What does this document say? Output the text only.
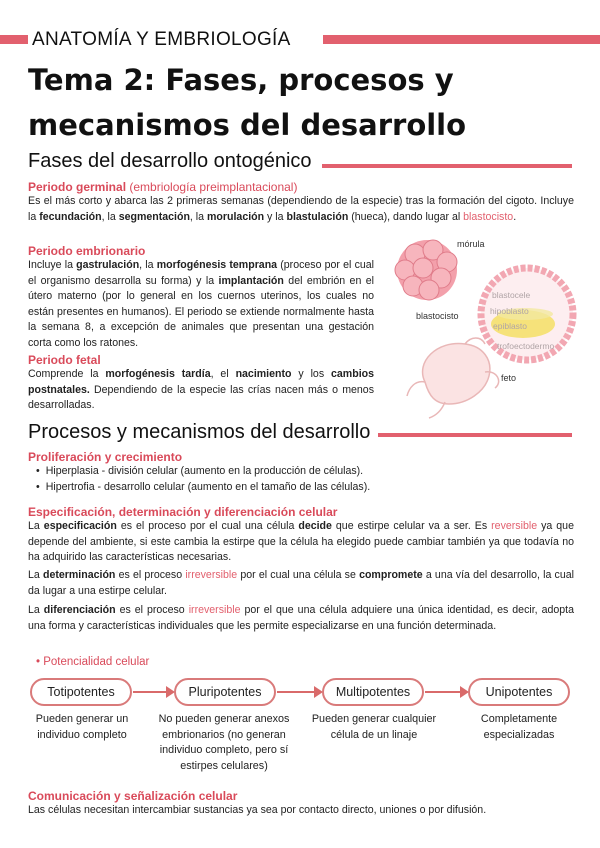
ANATOMÍA Y EMBRIOLOGÍA
Tema 2: Fases, procesos y mecanismos del desarrollo
Fases del desarrollo ontogénico
Periodo germinal (embriología preimplantacional)
Es el más corto y abarca las 2 primeras semanas (dependiendo de la especie) tras la formación del cigoto. Incluye la fecundación, la segmentación, la morulación y la blastulación (hueca), dando lugar al blastocisto.
Periodo embrionario
Incluye la gastrulación, la morfogénesis temprana (proceso por el cual el organismo desarrolla su forma) y la implantación del embrión en el útero materno (por lo general en los cuernos uterinos, los cuales no están presentes en humanos). El periodo se extiende normalmente hasta la semana 8, a excepción de animales que presentan una gestación corta como los ratones.
Periodo fetal
Comprende la morfogénesis tardía, el nacimiento y los cambios postnatales. Dependiendo de la especie las crías nacen más o menos desarrolladas.
mórula
blastocisto
blastocele
hipoblasto
epiblasto
trofoectodermo
feto
Procesos y mecanismos del desarrollo
Proliferación y crecimiento
• Hiperplasia - división celular (aumento en la producción de células).
• Hipertrofia - desarrollo celular (aumento en el tamaño de las células).
Especificación, determinación y diferenciación celular
La especificación es el proceso por el cual una célula decide que estirpe celular va a ser. Es reversible ya que depende del ambiente, si este cambia la estirpe que la célula ha elegido puede cambiar también ya que todavía no ha adquirido las características necesarias.
La determinación es el proceso irreversible por el cual una célula se compromete a una vía del desarrollo, la cual da lugar a una estirpe celular.
La diferenciación es el proceso irreversible por el que una célula adquiere una única identidad, es decir, adopta una forma y características individuales que les permite especializarse en una función determinada.
• Potencialidad celular
Totipotentes	Pluripotentes	Multipotentes	Unipotentes
Pueden generar un individuo completo
No pueden generar anexos embrionarios (no generan individuo completo, pero sí estirpes celulares)
Pueden generar cualquier célula de un linaje
Completamente especializadas
Comunicación y señalización celular
Las células necesitan intercambiar sustancias ya sea por contacto directo, uniones o por difusión.
